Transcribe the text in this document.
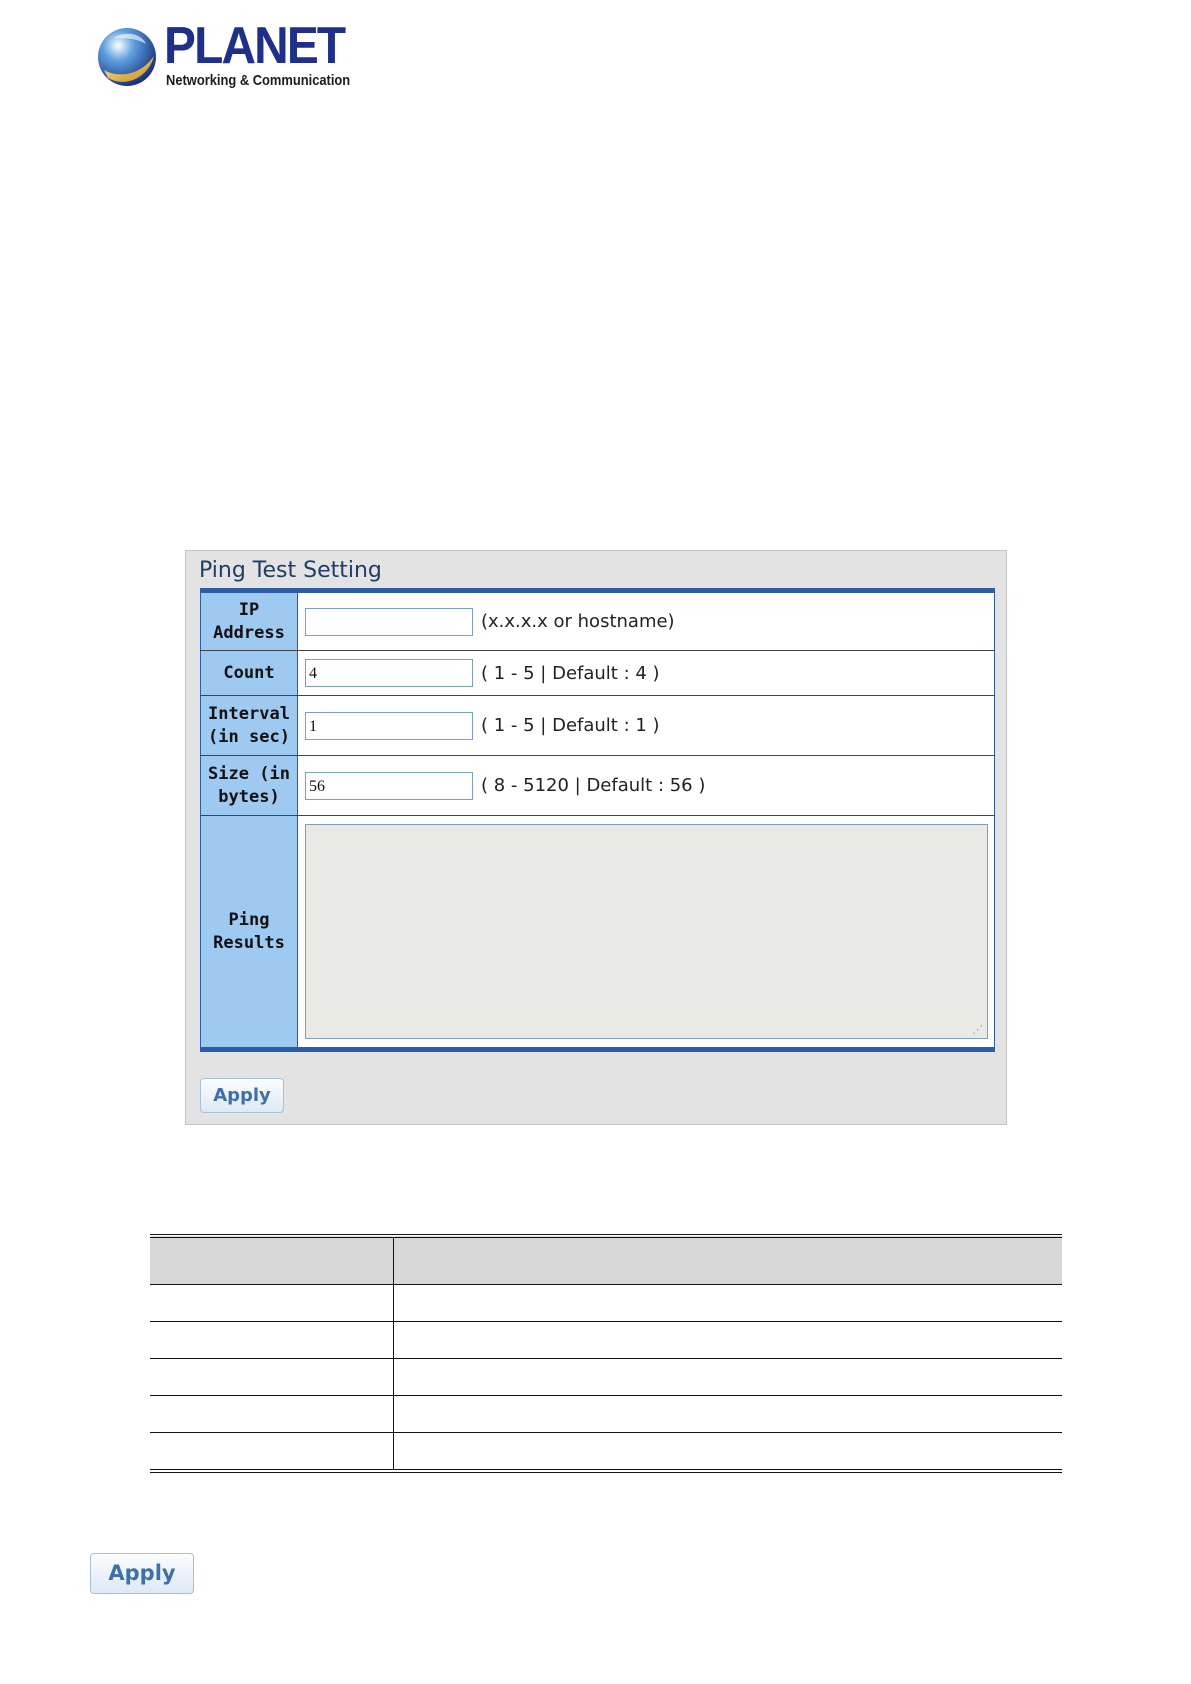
PLANET
Networking & Communication
Ping Test Setting
IP Address	(x.x.x.x or hostname)

Count	4 ( 1 - 5 | Default : 4 )

Interval (in sec)	1 ( 1 - 5 | Default : 1 )

Size (in bytes)	56 ( 8 - 5120 | Default : 56 )

Ping Results	⋰
Apply

Apply
